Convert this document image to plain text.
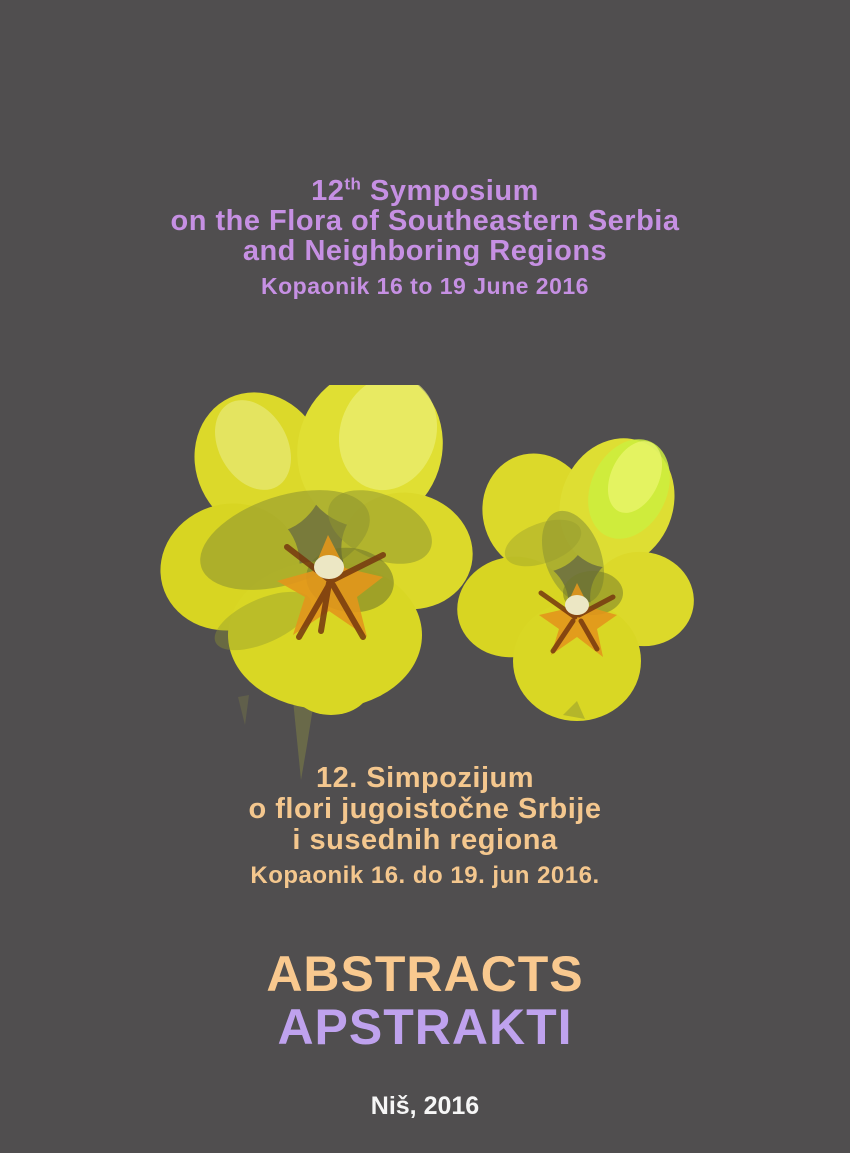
12th Symposium
on the Flora of Southeastern Serbia
and Neighboring Regions
Kopaonik 16 to 19 June 2016
12. Simpozijum
o flori jugoistočne Srbije
i susednih regiona
Kopaonik 16. do 19. jun 2016.
ABSTRACTS
APSTRAKTI
Niš, 2016
